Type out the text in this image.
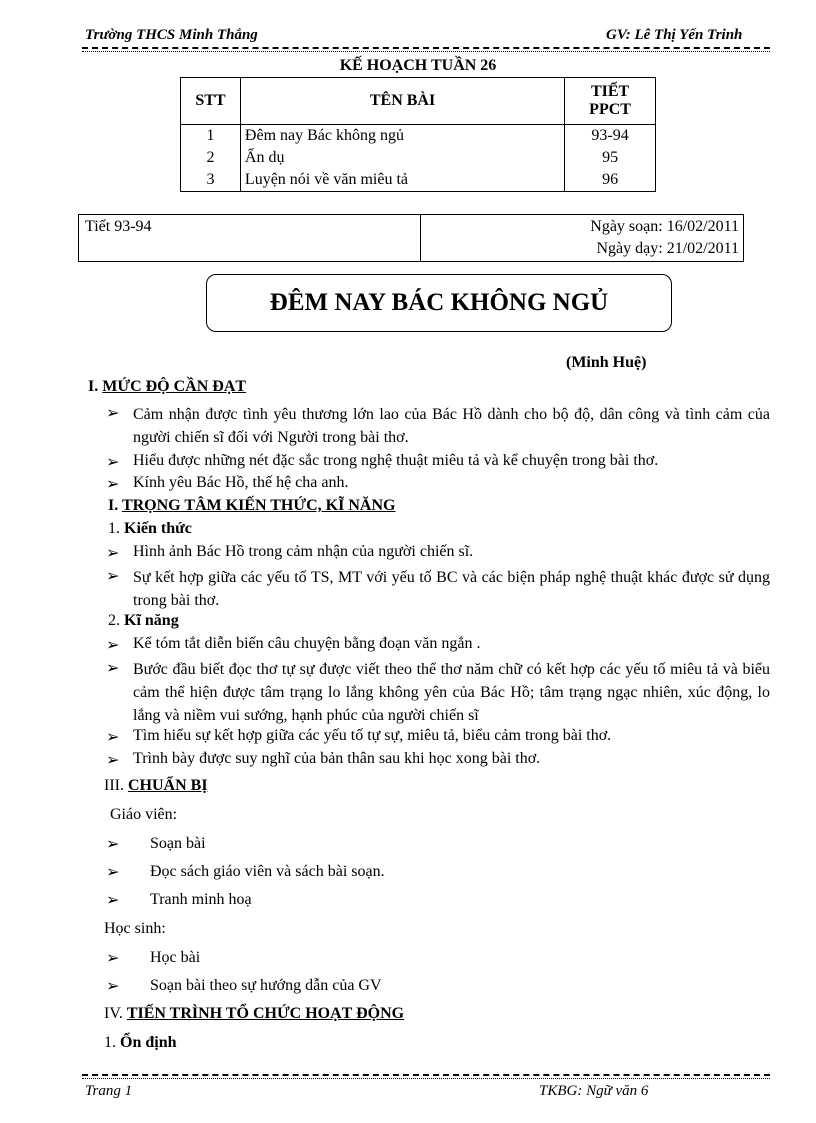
Trường THCS Minh Thắng	GV: Lê Thị Yến Trinh
KẾ HOẠCH TUẦN 26
STT	TÊN BÀI	TIẾT
PPCT
1	Đêm nay Bác không ngủ	93-94
2	Ẩn dụ	95
3	Luyện nói về văn miêu tả	96
Tiết 93-94	Ngày soạn: 16/02/2011
Ngày dạy: 21/02/2011
ĐÊM NAY BÁC KHÔNG NGỦ
(Minh Huệ)
I. MỨC ĐỘ CẦN ĐẠT
➢ Cảm nhận được tình yêu thương lớn lao của Bác Hồ dành cho bộ độ, dân công và tình cảm của người chiến sĩ đối với Người trong bài thơ.
➢ Hiểu được những nét đặc sắc trong nghệ thuật miêu tả và kể chuyện trong bài thơ.
➢ Kính yêu Bác Hồ, thế hệ cha anh.
I. TRỌNG TÂM KIẾN THỨC, KĨ NĂNG
1. Kiến thức
➢ Hình ảnh Bác Hồ trong cảm nhận của người chiến sĩ.
➢ Sự kết hợp giữa các yếu tố TS, MT với yếu tố BC và các biện pháp nghệ thuật khác được sử dụng trong bài thơ.
2. Kĩ năng
➢ Kể tóm tắt diễn biến câu chuyện bằng đoạn văn ngắn .
➢ Bước đầu biết đọc thơ tự sự được viết theo thể thơ năm chữ có kết hợp các yếu tố miêu tả và biểu cảm thể hiện được tâm trạng lo lắng không yên của Bác Hồ; tâm trạng ngạc nhiên, xúc động, lo lắng và niềm vui sướng, hạnh phúc của người chiến sĩ
➢ Tìm hiểu sự kết hợp giữa các yếu tố tự sự, miêu tả, biểu cảm trong bài thơ.
➢ Trình bày được suy nghĩ của bản thân sau khi học xong bài thơ.
III. CHUẨN BỊ
Giáo viên:
➢ Soạn bài
➢ Đọc sách giáo viên và sách bài soạn.
➢ Tranh minh hoạ
Học sinh:
➢ Học bài
➢ Soạn bài theo sự hướng dẫn của GV
IV. TIẾN TRÌNH TỔ CHỨC HOẠT ĐỘNG
1. Ổn định
Trang 1	TKBG: Ngữ văn 6
